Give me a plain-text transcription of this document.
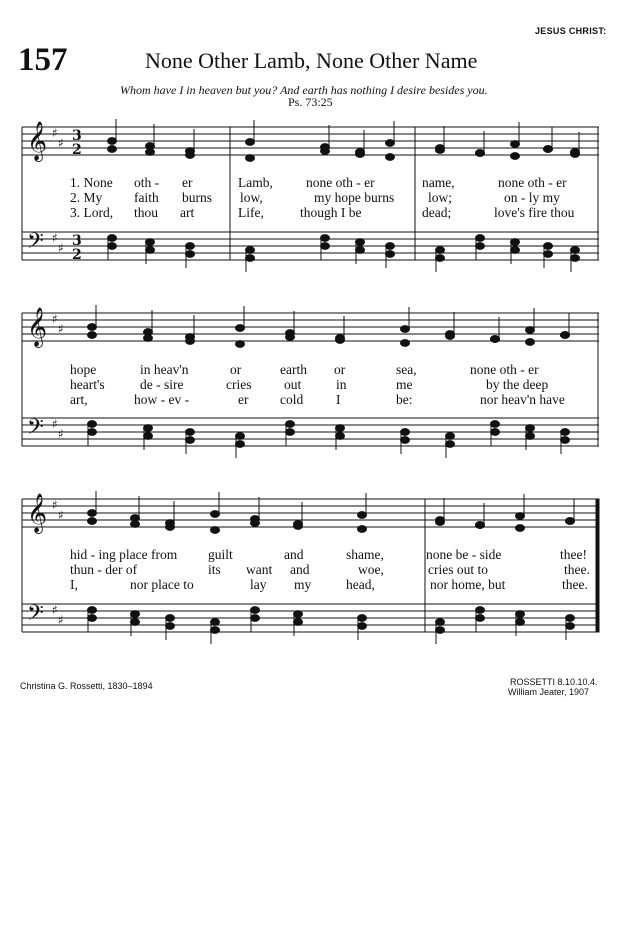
JESUS CHRIST:
157	None Other Lamb, None Other Name
Whom have I in heaven but you? And earth has nothing I desire besides you.
Ps. 73:25
𝄞 ♯
♯ 3
2
𝄢 ♯
♯ 3
2
𝄞 ♯
♯
𝄢 ♯
♯
𝄞 ♯
♯
𝄢 ♯
♯
1. None oth - er	Lamb, none oth - er	name,	none oth - er
2. My faith burns low,	my hope burns	low;	on - ly my
3. Lord, thou art	Life,	though I be	dead;	love's fire thou
hope	in heav'n	or	earth or	sea,	none oth - er
heart's	de - sire	cries out	in	me	by the deep
art,	how - ev -	er cold I	be:	nor heav'n have
hid - ing place from guilt	and	shame,	none be - side	thee!
thun - der of	its want and	woe,	cries out to	thee.
I,	nor place to	lay my	head,	nor home, but	thee.
Christina G. Rossetti, 1830–1894	ROSSETTI 8.10.10.4.
William Jeater, 1907
